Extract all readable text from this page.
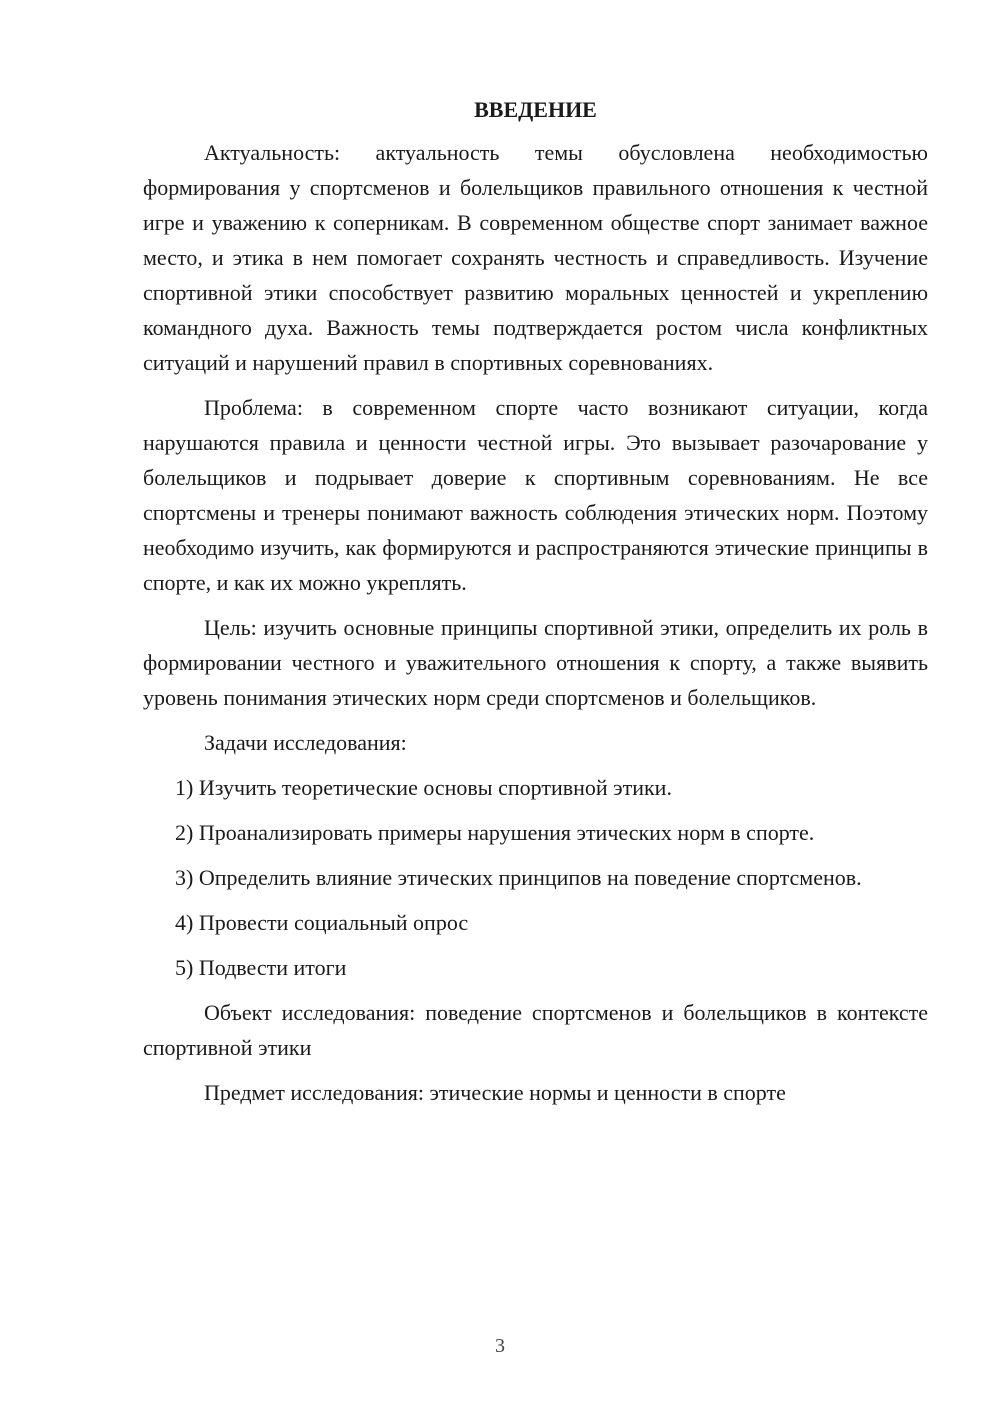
ВВЕДЕНИЕ

Актуальность: актуальность темы обусловлена необходимостью формирования у спортсменов и болельщиков правильного отношения к честной игре и уважению к соперникам. В современном обществе спорт занимает важное место, и этика в нем помогает сохранять честность и справедливость. Изучение спортивной этики способствует развитию моральных ценностей и укреплению командного духа. Важность темы подтверждается ростом числа конфликтных ситуаций и нарушений правил в спортивных соревнованиях.

Проблема: в современном спорте часто возникают ситуации, когда нарушаются правила и ценности честной игры. Это вызывает разочарование у болельщиков и подрывает доверие к спортивным соревнованиям. Не все спортсмены и тренеры понимают важность соблюдения этических норм. Поэтому необходимо изучить, как формируются и распространяются этические принципы в спорте, и как их можно укреплять.

Цель: изучить основные принципы спортивной этики, определить их роль в формировании честного и уважительного отношения к спорту, а также выявить уровень понимания этических норм среди спортсменов и болельщиков.

Задачи исследования:

1) Изучить теоретические основы спортивной этики.

2) Проанализировать примеры нарушения этических норм в спорте.

3) Определить влияние этических принципов на поведение спортсменов.

4) Провести социальный опрос

5) Подвести итоги

Объект исследования: поведение спортсменов и болельщиков в контексте спортивной этики

Предмет исследования: этические нормы и ценности в спорте

3
